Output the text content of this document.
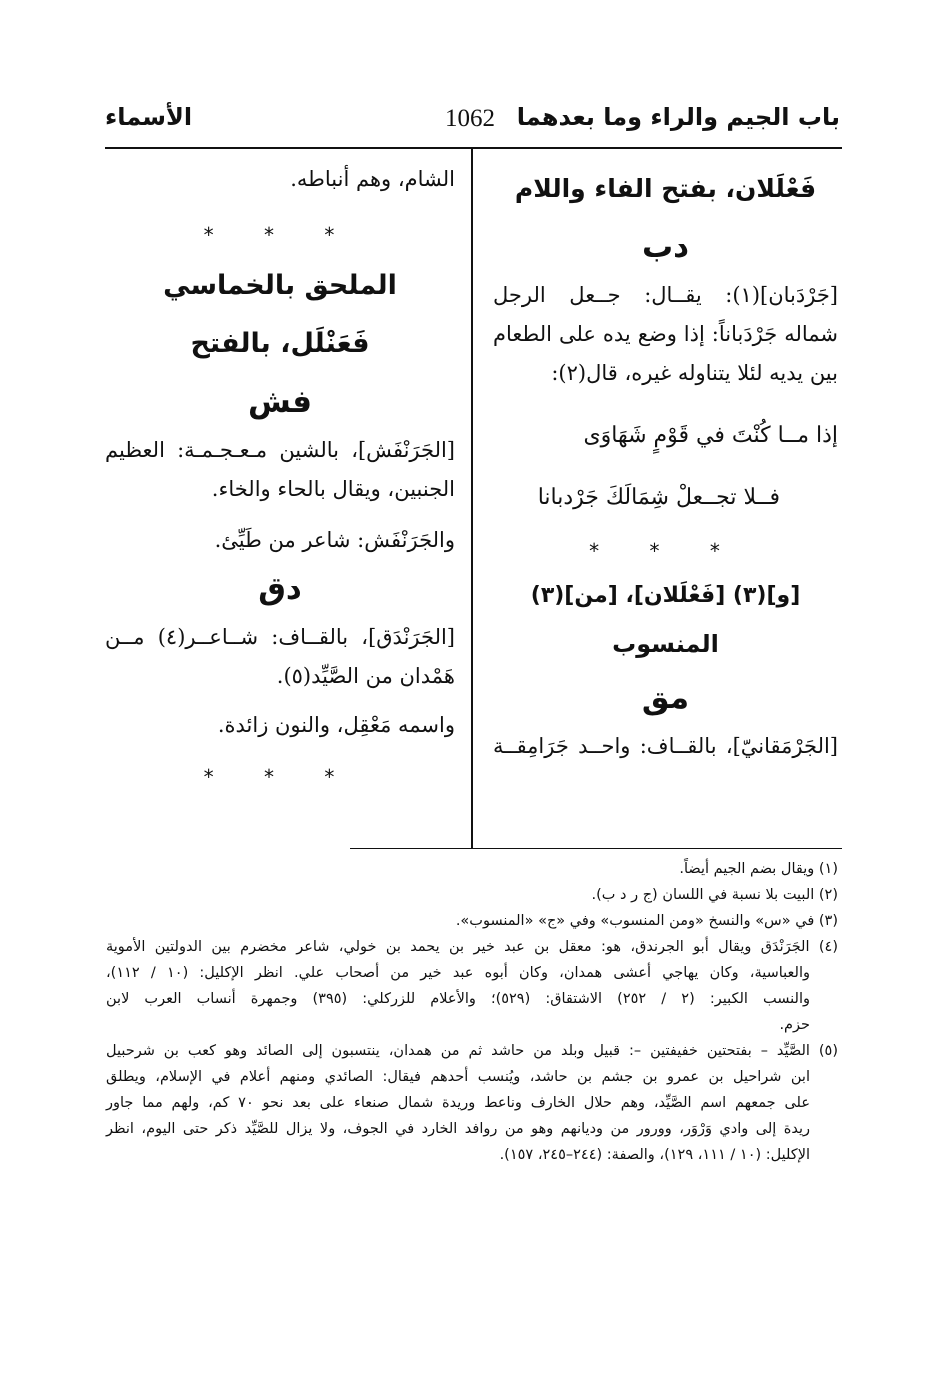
باب الجيم والراء وما بعدهما
1062
الأسماء
فَعْلَلان، بفتح الفاء واللام
دب
[جَرْدَبان](١): يقــال: جــعل الرجل
شماله جَرْدَباناً: إذا وضع يده على الطعام
بين يديه لئلا يتناوله غيره، قال(٢):
إذا مــا كُنْتَ في قَوْمٍ شَهَاوَى
فــلا تجــعلْ شِمَالَكَ جَرْدبانا
* * *
[و](٣) [فَعْلَلان]، [من](٣)
المنسوب
مق
[الجَرْمَقانيّ]، بالقــاف: واحــد جَرَامِقــة
الشام، وهم أنباطه.
* * *
الملحق بالخماسي
فَعَنْلَل، بالفتح
فش
[الجَرَنْفَش]، بالشين مـعـجـمـة: العظيم
الجنبين، ويقال بالحاء والخاء.
والجَرَنْفَش: شاعر من طَيِّئ.
دق
[الجَرَنْدَق]، بالقــاف: شــاعــر(٤) مــن
هَمْدان من الصَّيِّد(٥).
واسمه مَعْقِل، والنون زائدة.
* * *
(١) ويقال بضم الجيم أيضاً.
(٢) البيت بلا نسبة في اللسان (ج ر د ب).
(٣) في «س» والنسخ «ومن المنسوب» وفي «ج» «المنسوب».
(٤) الجَرَنْدَق ويقال أبو الجرندق، هو: معقل بن عبد خير بن يحمد بن خولي، شاعر مخضرم بين الدولتين الأموية
والعباسية، وكان يهاجي أعشى همدان، وكان أبوه عبد خير من أصحاب علي. انظر الإكليل: (١٠ / ١١٢)،
والنسب الكبير: (٢ / ٢٥٢) الاشتقاق: (٥٢٩)؛ والأعلام للزركلي: (٣٩٥) وجمهرة أنساب العرب لابن
حزم.
(٥) الصَّيِّد – بفتحتين خفيفتين –: قبيل وبلد من حاشد ثم من همدان، ينتسبون إلى الصائد وهو كعب بن شرحبيل
ابن شراحيل بن عمرو بن جشم بن حاشد، ويُنسب أحدهم فيقال: الصائدي ومنهم أعلام في الإسلام، ويطلق
على جمعهم اسم الصَّيِّد، وهم حلال الخارف وناعط وريدة شمال صنعاء على بعد نحو ٧٠ كم، ولهم مما جاور
ريدة إلى وادي وَرْوَر، وورور من وديانهم وهو من روافد الخارد في الجوف، ولا يزال للصَّيِّد ذكر حتى اليوم، انظر
الإكليل: (١٠ / ١١١، ١٢٩)، والصفة: (٢٤٤–٢٤٥، ١٥٧).
